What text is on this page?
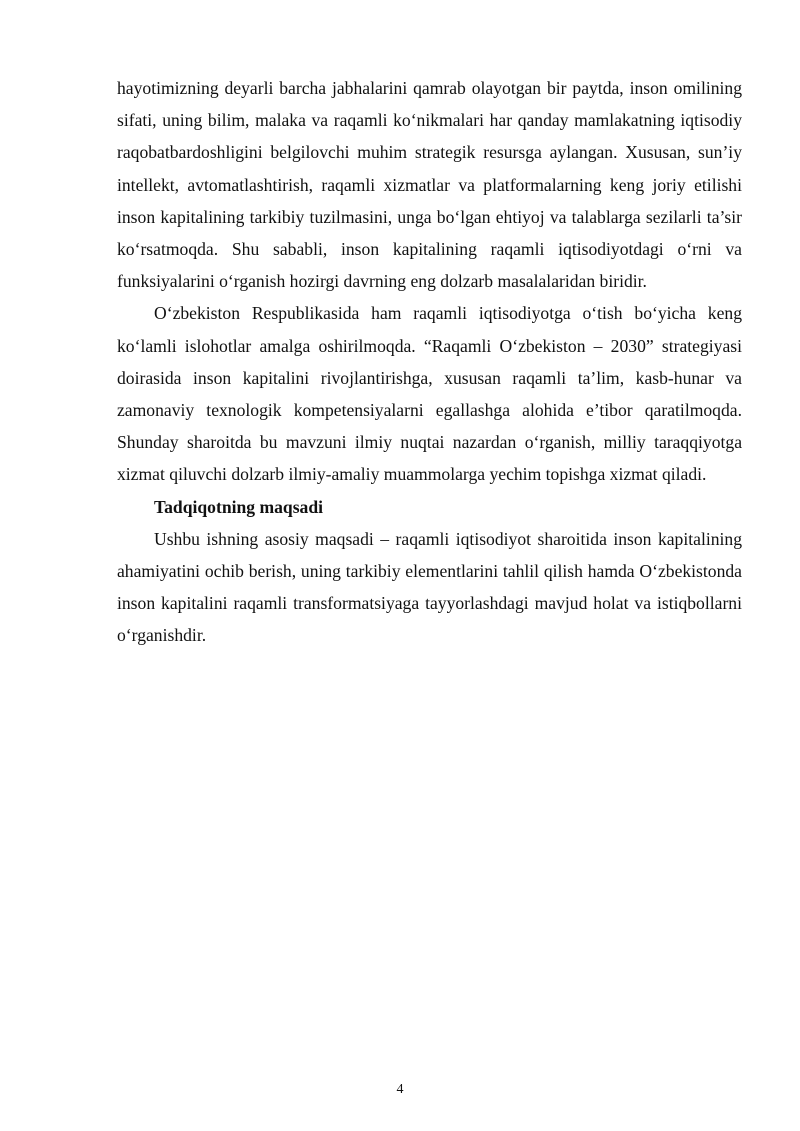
hayotimizning deyarli barcha jabhalarini qamrab olayotgan bir paytda, inson omilining sifati, uning bilim, malaka va raqamli ko‘nikmalari har qanday mamlakatning iqtisodiy raqobatbardoshligini belgilovchi muhim strategik resursga aylangan. Xususan, sun’iy intellekt, avtomatlashtirish, raqamli xizmatlar va platformalarning keng joriy etilishi inson kapitalining tarkibiy tuzilmasini, unga bo‘lgan ehtiyoj va talablarga sezilarli ta’sir ko‘rsatmoqda. Shu sababli, inson kapitalining raqamli iqtisodiyotdagi o‘rni va funksiyalarini o‘rganish hozirgi davrning eng dolzarb masalalaridan biridir.

O‘zbekiston Respublikasida ham raqamli iqtisodiyotga o‘tish bo‘yicha keng ko‘lamli islohotlar amalga oshirilmoqda. “Raqamli O‘zbekiston – 2030” strategiyasi doirasida inson kapitalini rivojlantirishga, xususan raqamli ta’lim, kasb-hunar va zamonaviy texnologik kompetensiyalarni egallashga alohida e’tibor qaratilmoqda. Shunday sharoitda bu mavzuni ilmiy nuqtai nazardan o‘rganish, milliy taraqqiyotga xizmat qiluvchi dolzarb ilmiy-amaliy muammolarga yechim topishga xizmat qiladi.

Tadqiqotning maqsadi

Ushbu ishning asosiy maqsadi – raqamli iqtisodiyot sharoitida inson kapitalining ahamiyatini ochib berish, uning tarkibiy elementlarini tahlil qilish hamda O‘zbekistonda inson kapitalini raqamli transformatsiyaga tayyorlashdagi mavjud holat va istiqbollarni o‘rganishdir.

4
